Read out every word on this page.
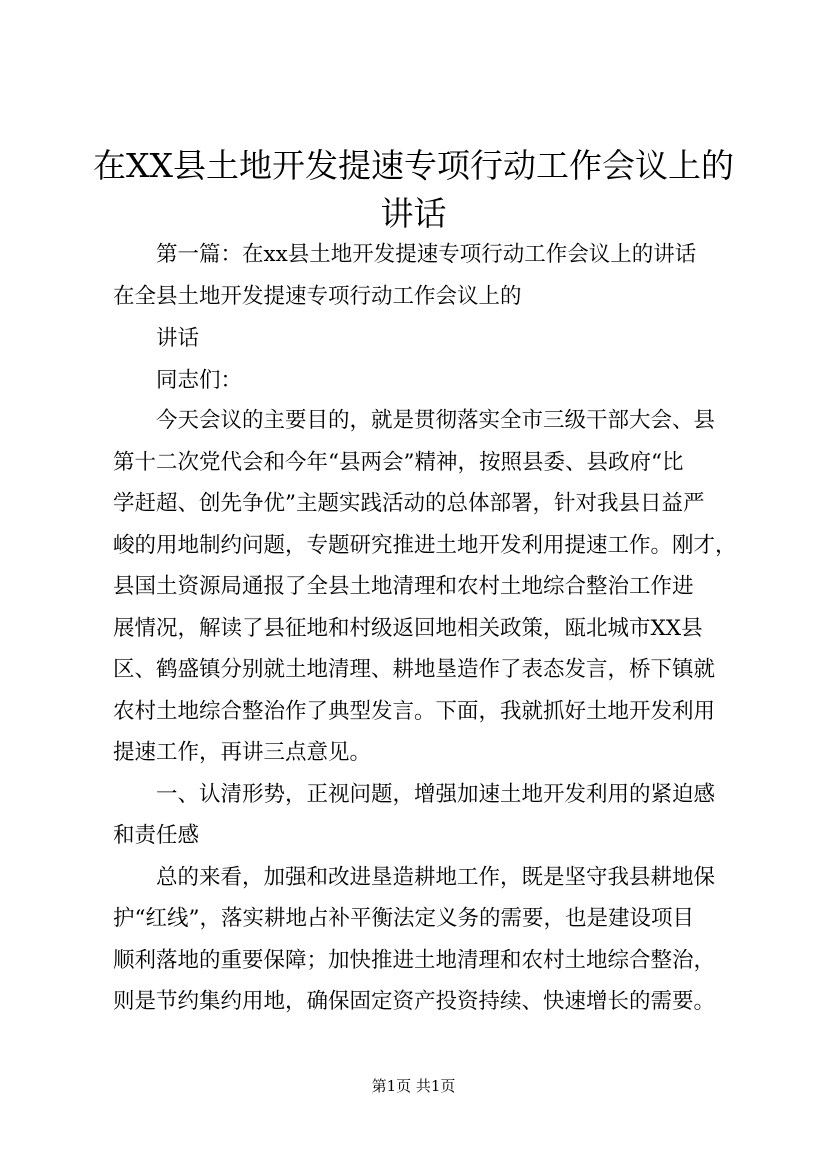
在XX县土地开发提速专项行动工作会议上的
讲话

第一篇：在xx县土地开发提速专项行动工作会议上的讲话

在全县土地开发提速专项行动工作会议上的

讲话

同志们：

今天会议的主要目的，就是贯彻落实全市三级干部大会、县

第十二次党代会和今年“县两会”精神，按照县委、县政府“比

学赶超、创先争优”主题实践活动的总体部署，针对我县日益严

峻的用地制约问题，专题研究推进土地开发利用提速工作。刚才，

县国土资源局通报了全县土地清理和农村土地综合整治工作进

展情况，解读了县征地和村级返回地相关政策，瓯北城市XX县

区、鹤盛镇分别就土地清理、耕地垦造作了表态发言，桥下镇就

农村土地综合整治作了典型发言。下面，我就抓好土地开发利用

提速工作，再讲三点意见。

一、认清形势，正视问题，增强加速土地开发利用的紧迫感

和责任感

总的来看，加强和改进垦造耕地工作，既是坚守我县耕地保

护“红线”，落实耕地占补平衡法定义务的需要，也是建设项目

顺利落地的重要保障；加快推进土地清理和农村土地综合整治，

则是节约集约用地，确保固定资产投资持续、快速增长的需要。

第1页 共1页
